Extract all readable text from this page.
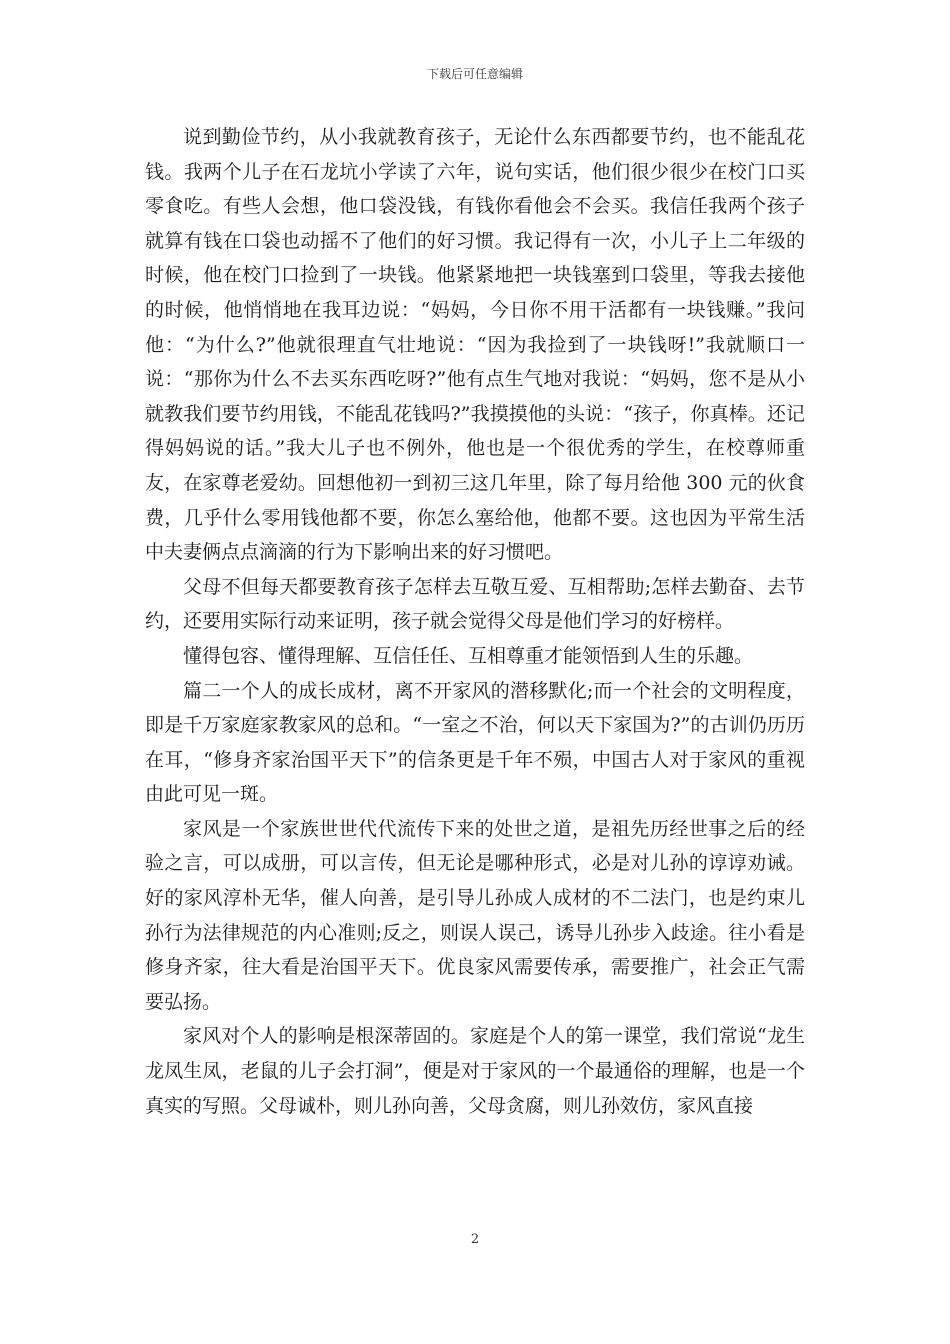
下载后可任意编辑

说到勤俭节约，从小我就教育孩子，无论什么东西都要节约，也不能乱花钱。我两个儿子在石龙坑小学读了六年，说句实话，他们很少很少在校门口买零食吃。有些人会想，他口袋没钱，有钱你看他会不会买。我信任我两个孩子就算有钱在口袋也动摇不了他们的好习惯。我记得有一次，小儿子上二年级的时候，他在校门口捡到了一块钱。他紧紧地把一块钱塞到口袋里，等我去接他的时候，他悄悄地在我耳边说：“妈妈，今日你不用干活都有一块钱赚。”我问他：“为什么?”他就很理直气壮地说：“因为我捡到了一块钱呀!”我就顺口一说：“那你为什么不去买东西吃呀?”他有点生气地对我说：“妈妈，您不是从小就教我们要节约用钱，不能乱花钱吗?”我摸摸他的头说：“孩子，你真棒。还记得妈妈说的话。”我大儿子也不例外，他也是一个很优秀的学生，在校尊师重友，在家尊老爱幼。回想他初一到初三这几年里，除了每月给他 300 元的伙食费，几乎什么零用钱他都不要，你怎么塞给他，他都不要。这也因为平常生活中夫妻俩点点滴滴的行为下影响出来的好习惯吧。

父母不但每天都要教育孩子怎样去互敬互爱、互相帮助;怎样去勤奋、去节约，还要用实际行动来证明，孩子就会觉得父母是他们学习的好榜样。

懂得包容、懂得理解、互信任任、互相尊重才能领悟到人生的乐趣。

篇二一个人的成长成材，离不开家风的潜移默化;而一个社会的文明程度，即是千万家庭家教家风的总和。“一室之不治，何以天下家国为?”的古训仍历历在耳，“修身齐家治国平天下”的信条更是千年不殒，中国古人对于家风的重视由此可见一斑。

家风是一个家族世世代代流传下来的处世之道，是祖先历经世事之后的经验之言，可以成册，可以言传，但无论是哪种形式，必是对儿孙的谆谆劝诫。好的家风淳朴无华，催人向善，是引导儿孙成人成材的不二法门，也是约束儿孙行为法律规范的内心准则;反之，则误人误己，诱导儿孙步入歧途。往小看是修身齐家，往大看是治国平天下。优良家风需要传承，需要推广，社会正气需要弘扬。

家风对个人的影响是根深蒂固的。家庭是个人的第一课堂，我们常说“龙生龙凤生凤，老鼠的儿子会打洞”，便是对于家风的一个最通俗的理解，也是一个真实的写照。父母诚朴，则儿孙向善，父母贪腐，则儿孙效仿，家风直接

2
